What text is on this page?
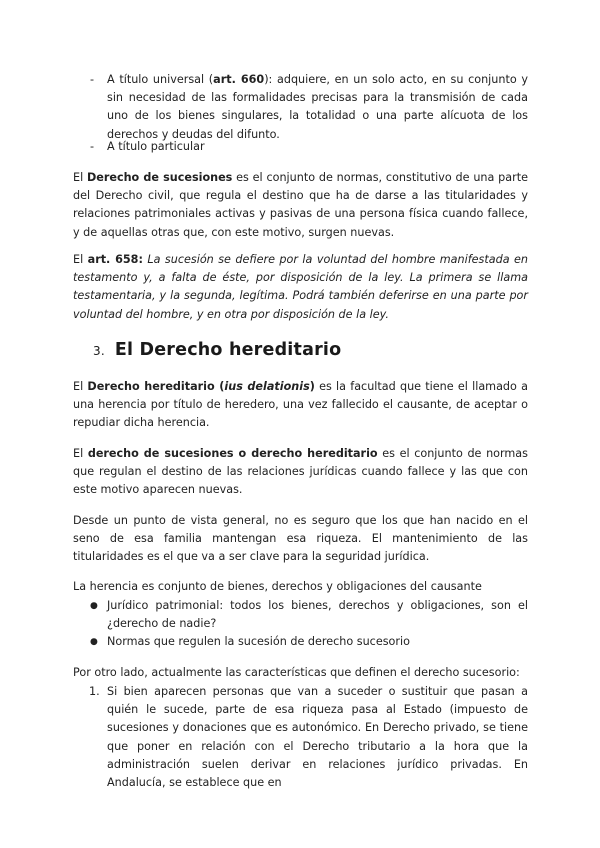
- A título universal (art. 660): adquiere, en un solo acto, en su conjunto y sin necesidad de las formalidades precisas para la transmisión de cada uno de los bienes singulares, la totalidad o una parte alícuota de los derechos y deudas del difunto.
- A título particular

El Derecho de sucesiones es el conjunto de normas, constitutivo de una parte del Derecho civil, que regula el destino que ha de darse a las titularidades y relaciones patrimoniales activas y pasivas de una persona física cuando fallece, y de aquellas otras que, con este motivo, surgen nuevas.

El art. 658: La sucesión se defiere por la voluntad del hombre manifestada en testamento y, a falta de éste, por disposición de la ley. La primera se llama testamentaria, y la segunda, legítima. Podrá también deferirse en una parte por voluntad del hombre, y en otra por disposición de la ley.

3. El Derecho hereditario

El Derecho hereditario (ius delationis) es la facultad que tiene el llamado a una herencia por título de heredero, una vez fallecido el causante, de aceptar o repudiar dicha herencia.

El derecho de sucesiones o derecho hereditario es el conjunto de normas que regulan el destino de las relaciones jurídicas cuando fallece y las que con este motivo aparecen nuevas.

Desde un punto de vista general, no es seguro que los que han nacido en el seno de esa familia mantengan esa riqueza. El mantenimiento de las titularidades es el que va a ser clave para la seguridad jurídica.

La herencia es conjunto de bienes, derechos y obligaciones del causante

● Jurídico patrimonial: todos los bienes, derechos y obligaciones, son el ¿derecho de nadie?
● Normas que regulen la sucesión de derecho sucesorio

Por otro lado, actualmente las características que definen el derecho sucesorio:

1. Si bien aparecen personas que van a suceder o sustituir que pasan a quién le sucede, parte de esa riqueza pasa al Estado (impuesto de sucesiones y donaciones que es autonómico. En Derecho privado, se tiene que poner en relación con el Derecho tributario a la hora que la administración suelen derivar en relaciones jurídico privadas. En Andalucía, se establece que en
